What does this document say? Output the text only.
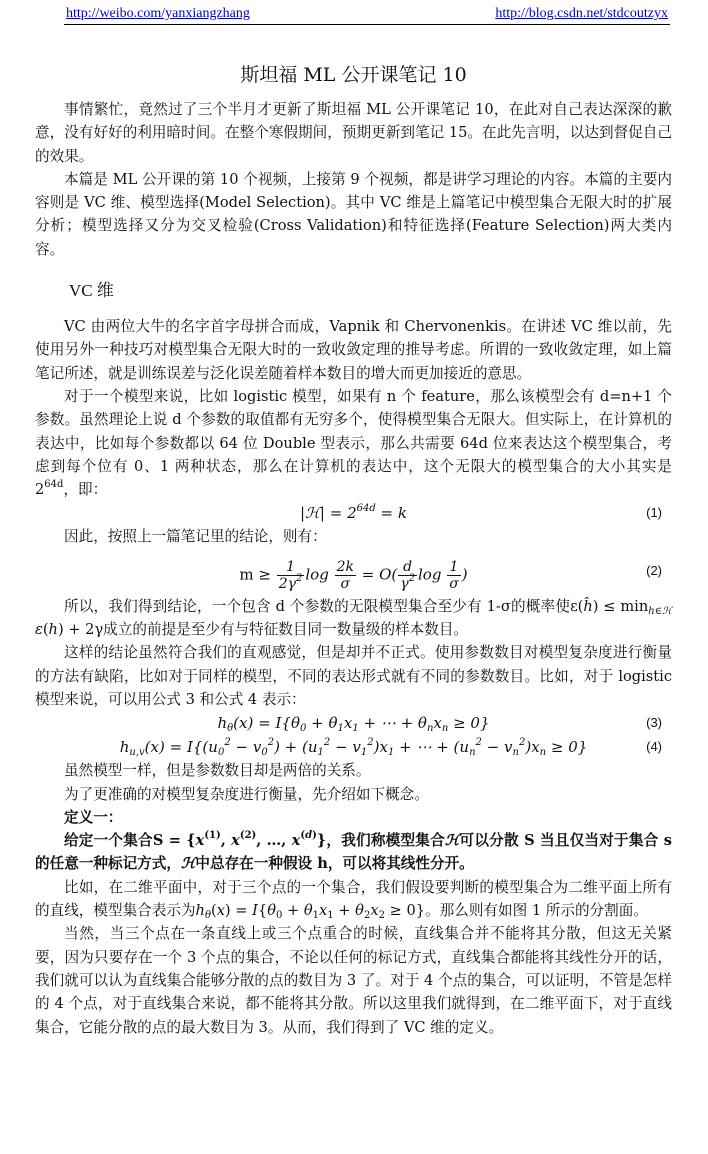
http://weibo.com/yanxiangzhang	http://blog.csdn.net/stdcoutzyx
斯坦福 ML 公开课笔记 10

事情繁忙，竟然过了三个半月才更新了斯坦福 ML 公开课笔记 10，在此对自己表达深深的歉意，没有好好的利用暗时间。在整个寒假期间，预期更新到笔记 15。在此先言明，以达到督促自己的效果。

本篇是 ML 公开课的第 10 个视频，上接第 9 个视频，都是讲学习理论的内容。本篇的主要内容则是 VC 维、模型选择(Model Selection)。其中 VC 维是上篇笔记中模型集合无限大时的扩展分析；模型选择又分为交叉检验(Cross Validation)和特征选择(Feature Selection)两大类内容。

VC 维

VC 由两位大牛的名字首字母拼合而成，Vapnik 和 Chervonenkis。在讲述 VC 维以前，先使用另外一种技巧对模型集合无限大时的一致收敛定理的推导考虑。所谓的一致收敛定理，如上篇笔记所述，就是训练误差与泛化误差随着样本数目的增大而更加接近的意思。

对于一个模型来说，比如 logistic 模型，如果有 n 个 feature，那么该模型会有 d=n+1 个参数。虽然理论上说 d 个参数的取值都有无穷多个，使得模型集合无限大。但实际上，在计算机的表达中，比如每个参数都以 64 位 Double 型表示，那么共需要 64d 位来表达这个模型集合，考虑到每个位有 0、1 两种状态，那么在计算机的表达中，这个无限大的模型集合的大小其实是 $2^{64d}$，即：

|ℋ| = $2^{64d} = k$	(1)

因此，按照上一篇笔记里的结论，则有：

$m \ge \frac{1}{2\gamma^2}$ $\log \frac{2k}{\sigma} = O( \frac{d}{\gamma^2}$ $\log \frac{1}{\sigma}$ )	(2)

所以，我们得到结论，一个包含 d 个参数的无限模型集合至少有 1-σ的概率使ε(ĥ) ≤ $\min_{h\in ℋ} \varepsilon(h) + 2\gamma$成立的前提是至少有与特征数目同一数量级的样本数目。

这样的结论虽然符合我们的直观感觉，但是却并不正式。使用参数数目对模型复杂度进行衡量的方法有缺陷，比如对于同样的模型，不同的表达形式就有不同的参数数目。比如，对于 logistic 模型来说，可以用公式 3 和公式 4 表示：

$h_\theta(x) = I\{\theta_0 + \theta_1x_1$ + ⋯ + $\theta_nx_n \ge 0$}	(3)
$h_{u,v}(x) = I\{(u_0^2 - v_0^2) + (u_1^2 - v_1^2)x_1$ + ⋯ + $(u_n^2 - v_n^2)x_n \ge 0$}	(4)

虽然模型一样，但是参数数目却是两倍的关系。

为了更准确的对模型复杂度进行衡量，先介绍如下概念。

定义一：

给定一个集合$S = \{x^{(1)}$, $x^{(2)}$, …, $x^{(d)}$}，我们称模型集合ℋ可以分散 S 当且仅当对于集合 s 的任意一种标记方式，ℋ中总存在一种假设 h，可以将其线性分开。

比如，在二维平面中，对于三个点的一个集合，我们假设要判断的模型集合为二维平面上所有的直线，模型集合表示为$h_\theta(x) = I\{\theta_0 + \theta_1x_1 + \theta_2x_2 \ge 0\}$。那么则有如图 1 所示的分割面。

当然，当三个点在一条直线上或三个点重合的时候，直线集合并不能将其分散，但这无关紧要，因为只要存在一个 3 个点的集合，不论以任何的标记方式，直线集合都能将其线性分开的话，我们就可以认为直线集合能够分散的点的数目为 3 了。对于 4 个点的集合，可以证明，不管是怎样的 4 个点，对于直线集合来说，都不能将其分散。所以这里我们就得到，在二维平面下，对于直线集合，它能分散的点的最大数目为 3。从而，我们得到了 VC 维的定义。
